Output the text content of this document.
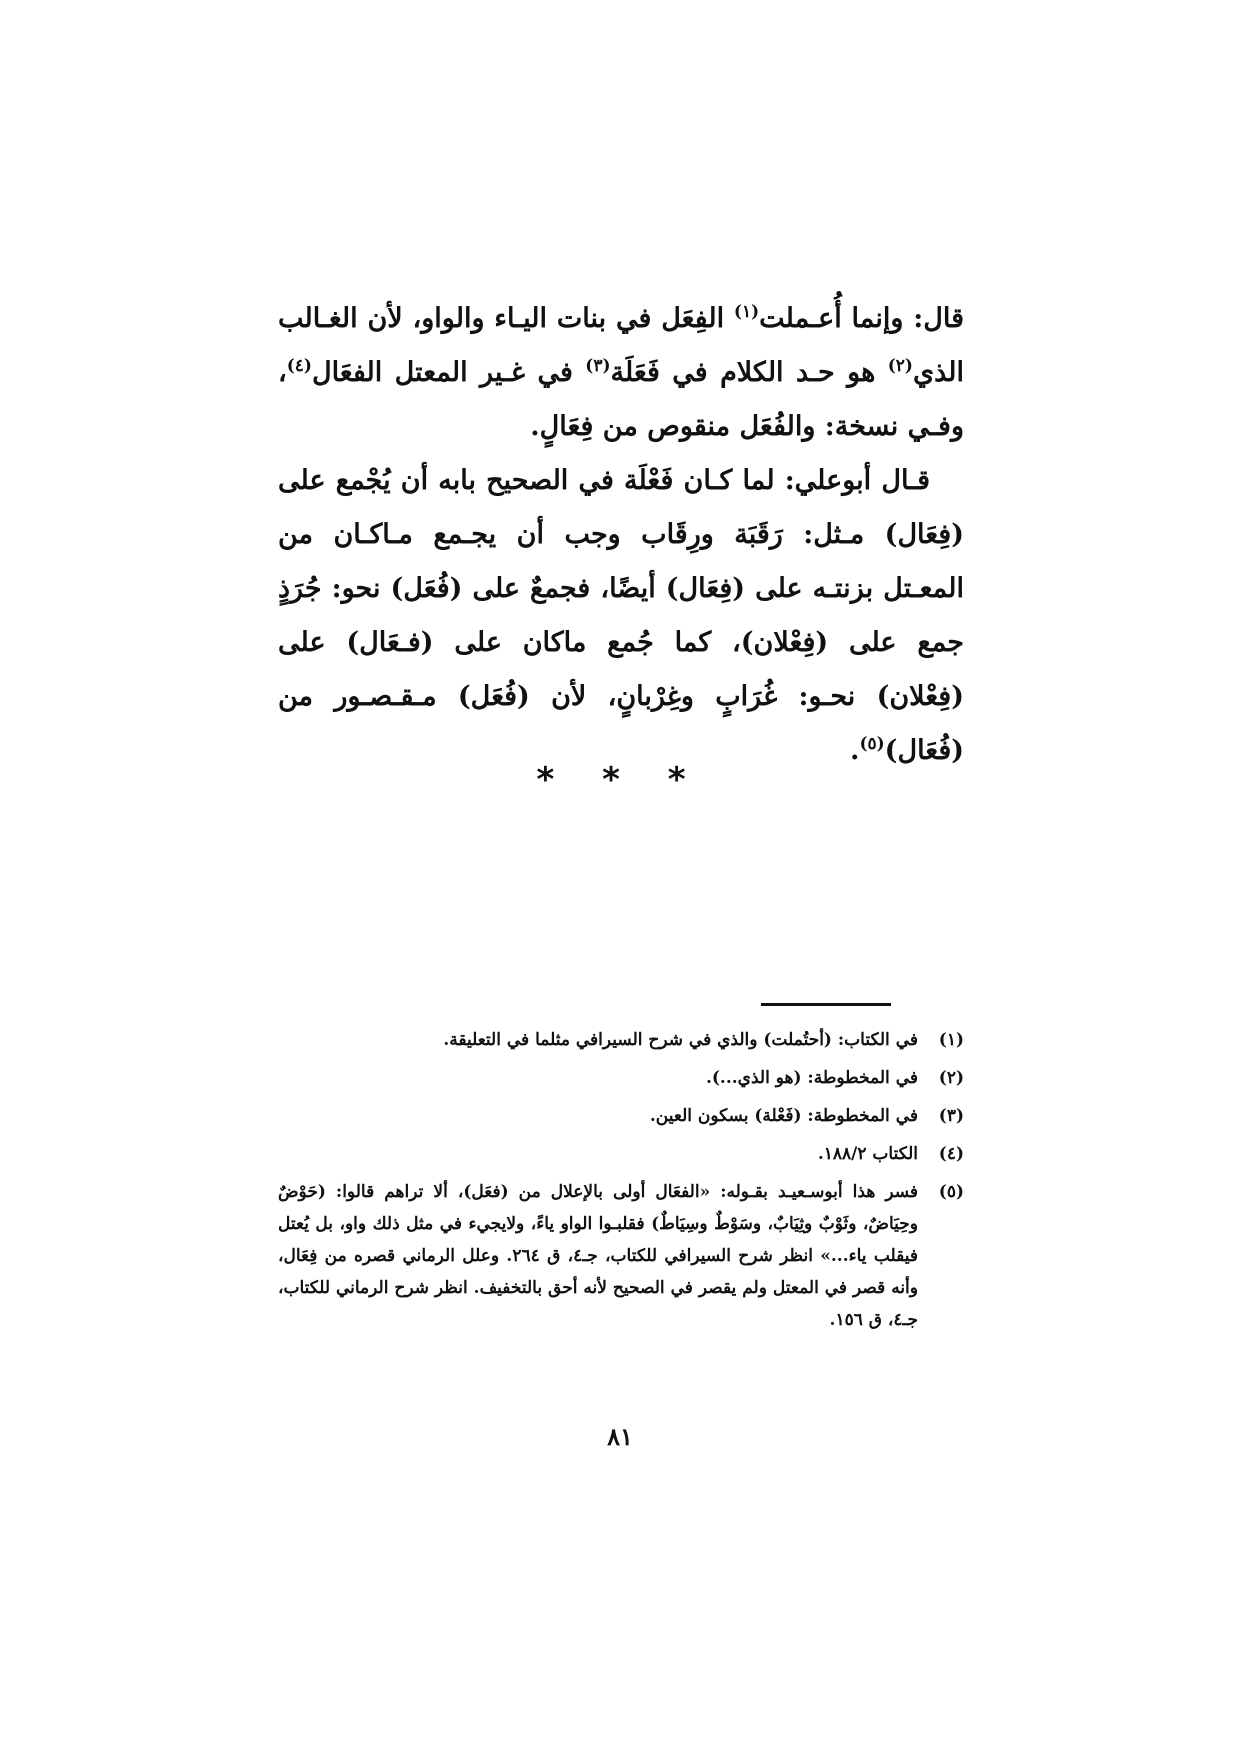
قال: وإنما أُعـملت$^{(١)}$ الفِعَل في بنات اليـاء والواو، لأن الغـالب الذي$^{(٢)}$ هو حـد الكلام في فَعَلَة$^{(٣)}$ في غـير المعتل الفعَال$^{(٤)}$، وفـي نسخة: والفُعَل منقوص من فِعَالٍ.

قـال أبوعلي: لما كـان فَعْلَة في الصحيح بابه أن يُجْمع على (فِعَال) مـثل: رَقَبَة ورِقَاب وجب أن يجـمع مـاكـان من المعـتل بزنتـه على (فِعَال) أيضًا، فجمعٌ على (فُعَل) نحو: جُرَذٍ جمع على (فِعْلان)، كما جُمع ماكان على (فـعَال) على (فِعْلان) نحـو: غُرَابٍ وغِرْبانٍ، لأن (فُعَل) مـقـصـور من (فُعَال)$^{(٥)}$.

* * *
(١)
في الكتاب: (أحتُملت) والذي في شرح السيرافي مثلما في التعليقة.
(٢)
في المخطوطة: (هو الذي...).
(٣)
في المخطوطة: (فَعْلة) بسكون العين.
(٤)
الكتاب ١٨٨/٢.
(٥)
فسر هذا أبوسـعيـد بقـوله: «الفعَال أولى بالإعلال من (فعَل)، ألا تراهم قالوا: (حَوْضٌ وحِيَاضٌ، وثَوْبٌ وثِيَابٌ، وسَوْطٌ وسِيَاطٌ) فقلبـوا الواو ياءً، ولايجيء في مثل ذلك واو، بل يُعتل فيقلب ياء...» انظر شرح السيرافي للكتاب، جـ٤، ق ٢٦٤. وعلل الرماني قصره من فِعَال، وأنه قصر في المعتل ولم يقصر في الصحيح لأنه أحق بالتخفيف. انظر شرح الرماني للكتاب، جـ٤، ق ١٥٦.
٨١
